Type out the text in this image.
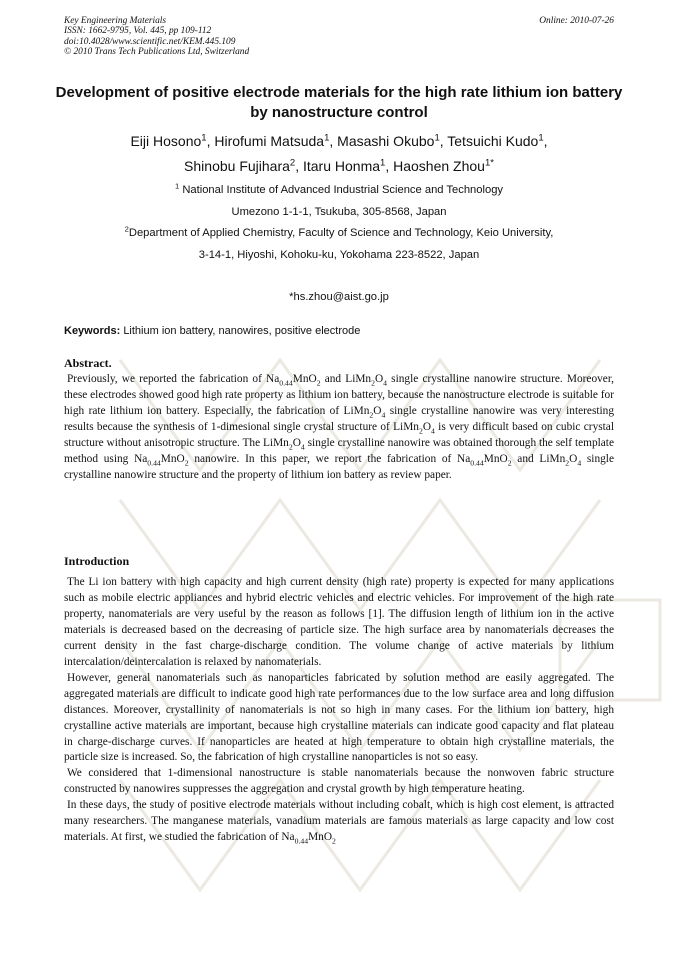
Key Engineering Materials
ISSN: 1662-9795, Vol. 445, pp 109-112
doi:10.4028/www.scientific.net/KEM.445.109
© 2010 Trans Tech Publications Ltd, Switzerland
Online: 2010-07-26
Development of positive electrode materials for the high rate lithium ion battery by nanostructure control
Eiji Hosono$^1$, Hirofumi Matsuda$^1$, Masashi Okubo$^1$, Tetsuichi Kudo$^1$,
Shinobu Fujihara$^2$, Itaru Honma$^1$, Haoshen Zhou$^{1*}$
$^1$ National Institute of Advanced Industrial Science and Technology
Umezono 1-1-1, Tsukuba, 305-8568, Japan
$^2$Department of Applied Chemistry, Faculty of Science and Technology, Keio University,
3-14-1, Hiyoshi, Kohoku-ku, Yokohama 223-8522, Japan
*hs.zhou@aist.go.jp
Keywords: Lithium ion battery, nanowires, positive electrode
Abstract.

Previously, we reported the fabrication of $Na_{0.44}MnO_2$ and $LiMn_2O_4$ single crystalline nanowire structure. Moreover, these electrodes showed good high rate property as lithium ion battery, because the nanostructure electrode is suitable for high rate lithium ion battery. Especially, the fabrication of $LiMn_2O_4$ single crystalline nanowire was very interesting results because the synthesis of 1-dimesional single crystal structure of $LiMn_2O_4$ is very difficult based on cubic crystal structure without anisotropic structure. The $LiMn_2O_4$ single crystalline nanowire was obtained thorough the self template method using $Na_{0.44}MnO_2$ nanowire. In this paper, we report the fabrication of $Na_{0.44}MnO_2$ and $LiMn_2O_4$ single crystalline nanowire structure and the property of lithium ion battery as review paper.

Introduction

The Li ion battery with high capacity and high current density (high rate) property is expected for many applications such as mobile electric appliances and hybrid electric vehicles and electric vehicles. For improvement of the high rate property, nanomaterials are very useful by the reason as follows [1]. The diffusion length of lithium ion in the active materials is decreased based on the decreasing of particle size. The high surface area by nanomaterials decreases the current density in the fast charge-discharge condition. The volume change of active materials by lithium intercalation/deintercalation is relaxed by nanomaterials.

However, general nanomaterials such as nanoparticles fabricated by solution method are easily aggregated. The aggregated materials are difficult to indicate good high rate performances due to the low surface area and long diffusion distances. Moreover, crystallinity of nanomaterials is not so high in many cases. For the lithium ion battery, high crystalline active materials are important, because high crystalline materials can indicate good capacity and flat plateau in charge-discharge curves. If nanoparticles are heated at high temperature to obtain high crystalline materials, the particle size is increased. So, the fabrication of high crystalline nanoparticles is not so easy.

We considered that 1-dimensional nanostructure is stable nanomaterials because the nonwoven fabric structure constructed by nanowires suppresses the aggregation and crystal growth by high temperature heating.

In these days, the study of positive electrode materials without including cobalt, which is high cost element, is attracted many researchers. The manganese materials, vanadium materials are famous materials as large capacity and low cost materials. At first, we studied the fabrication of $Na_{0.44}MnO_2$
